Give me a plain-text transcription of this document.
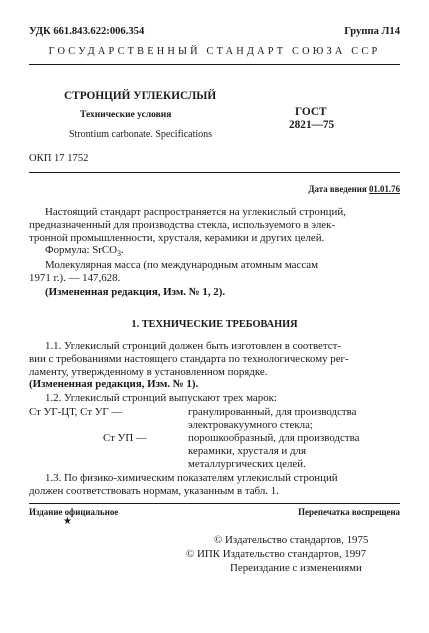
УДК 661.843.622:006.354	Группа Л14
ГОСУДАРСТВЕННЫЙ СТАНДАРТ СОЮЗА ССР
СТРОНЦИЙ УГЛЕКИСЛЫЙ
Технические условия
Strontium carbonate. Specifications
ГОСТ
2821—75
ОКП 17 1752
Дата введения 01.01.76
Настоящий стандарт распространяется на углекислый стронций,
предназначенный для производства стекла, используемого в элек-
тронной промышленности, хрусталя, керамики и других целей.
Формула: SrCO$_3$.
Молекулярная масса (по международным атомным массам
1971 г.). — 147,628.
(Измененная редакция, Изм. № 1, 2).
1. ТЕХНИЧЕСКИЕ ТРЕБОВАНИЯ
1.1. Углекислый стронций должен быть изготовлен в соответст-
вии с требованиями настоящего стандарта по технологическому рег-
ламенту, утвержденному в установленном порядке.
(Измененная редакция, Изм. № 1).
1.2. Углекислый стронций выпускают трех марок:
Ст УГ-ЦТ, Ст УГ —	гранулированный, для производства
электровакуумного стекла;
Ст УП —	порошкообразный, для производства
керамики, хрусталя и для
металлургических целей.
1.3. По физико-химическим показателям углекислый стронций
должен соответствовать нормам, указанным в табл. 1.
Издание официальное	Перепечатка воспрещена
★
© Издательство стандартов, 1975
© ИПК Издательство стандартов, 1997
Переиздание с изменениями
